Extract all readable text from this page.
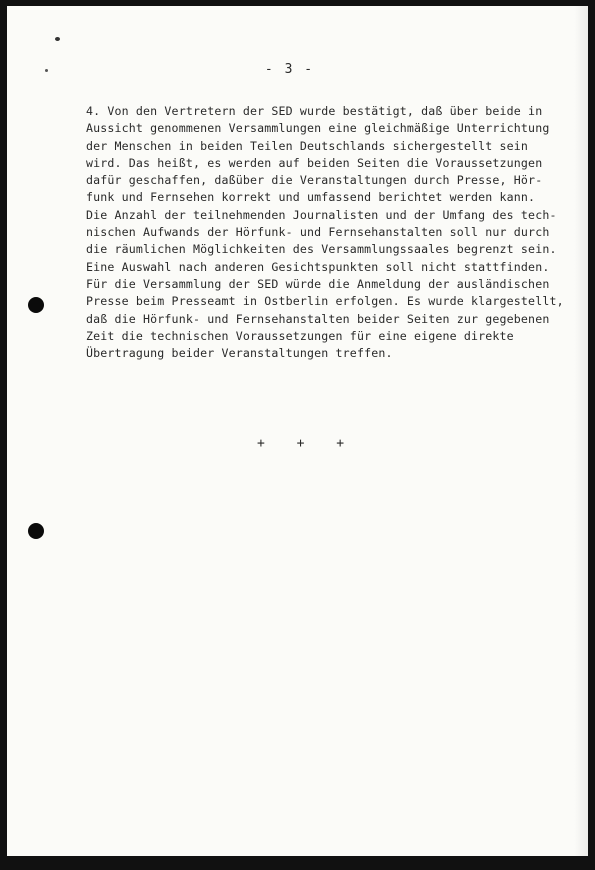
- 3 -
4. Von den Vertretern der SED wurde bestätigt, daß über beide in
Aussicht genommenen Versammlungen eine gleichmäßige Unterrichtung
der Menschen in beiden Teilen Deutschlands sichergestellt sein
wird. Das heißt, es werden auf beiden Seiten die Voraussetzungen
dafür geschaffen, daßüber die Veranstaltungen durch Presse, Hör-
funk und Fernsehen korrekt und umfassend berichtet werden kann.
Die Anzahl der teilnehmenden Journalisten und der Umfang des tech-
nischen Aufwands der Hörfunk- und Fernsehanstalten soll nur durch
die räumlichen Möglichkeiten des Versammlungssaales begrenzt sein.
Eine Auswahl nach anderen Gesichtspunkten soll nicht stattfinden.
Für die Versammlung der SED würde die Anmeldung der ausländischen
Presse beim Presseamt in Ostberlin erfolgen. Es wurde klargestellt,
daß die Hörfunk- und Fernsehanstalten beider Seiten zur gegebenen
Zeit die technischen Voraussetzungen für eine eigene direkte
Übertragung beider Veranstaltungen treffen.
+ + +
